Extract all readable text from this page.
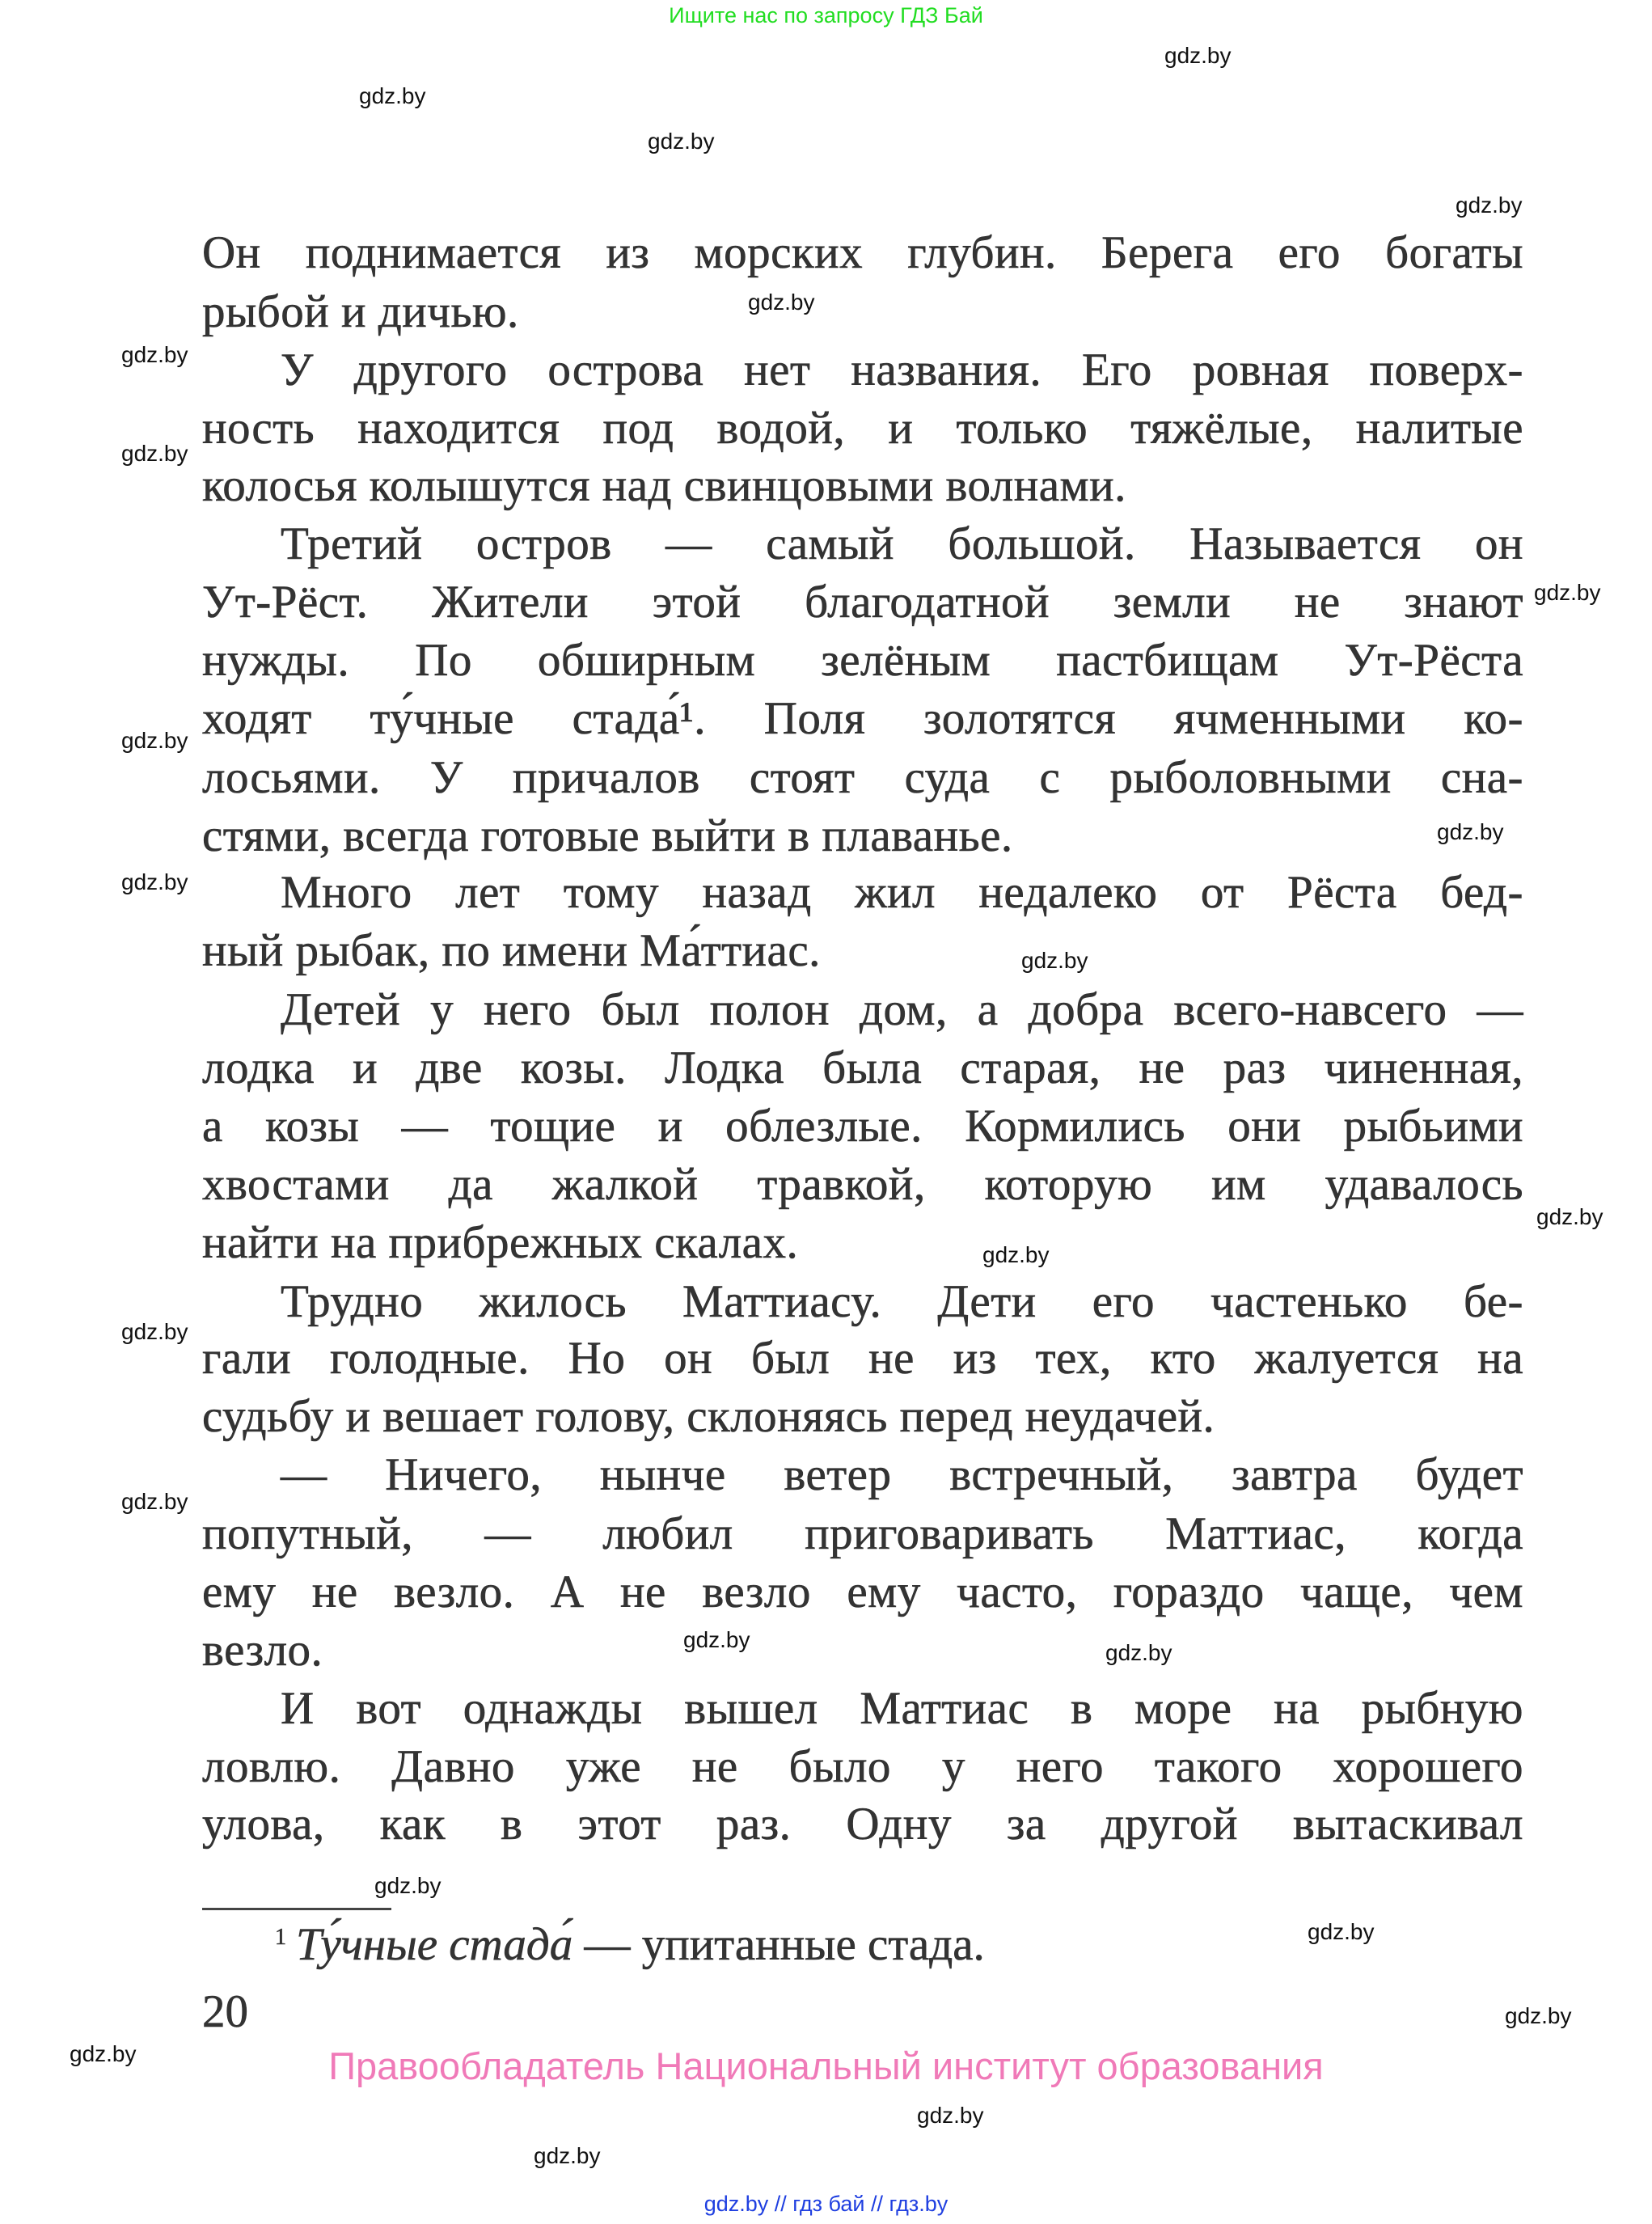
Ищите нас по запросу ГДЗ Бай
Он поднимается из морских глубин. Берега его богаты
рыбой и дичью.
У другого острова нет названия. Его ровная поверх-
ность находится под водой, и только тяжёлые, налитые
колосья колышутся над свинцовыми волнами.
Третий остров — самый большой. Называется он
Ут-Рёст. Жители этой благодатной земли не знают
нужды. По обширным зелёным пастбищам Ут-Рёста
ходят ту́чные стада́¹. Поля золотятся ячменными ко-
лосьями. У причалов стоят суда с рыболовными сна-
стями, всегда готовые выйти в плаванье.
Много лет тому назад жил недалеко от Рёста бед-
ный рыбак, по имени Ма́ттиас.
Детей у него был полон дом, а добра всего-навсего —
лодка и две козы. Лодка была старая, не раз чиненная,
а козы — тощие и облезлые. Кормились они рыбьими
хвостами да жалкой травкой, которую им удавалось
найти на прибрежных скалах.
Трудно жилось Маттиасу. Дети его частенько бе-
гали голодные. Но он был не из тех, кто жалуется на
судьбу и вешает голову, склоняясь перед неудачей.
— Ничего, нынче ветер встречный, завтра будет
попутный, — любил приговаривать Маттиас, когда
ему не везло. А не везло ему часто, гораздо чаще, чем
везло.
И вот однажды вышел Маттиас в море на рыбную
ловлю. Давно уже не было у него такого хорошего
улова, как в этот раз. Одну за другой вытаскивал
gdz.by
gdz.by
gdz.by
gdz.by
gdz.by
gdz.by
gdz.by
gdz.by
gdz.by
gdz.by
gdz.by
gdz.by
gdz.by
gdz.by
gdz.by
gdz.by
gdz.by
gdz.by
gdz.by
gdz.by
gdz.by
gdz.by
gdz.by
gdz.by
$^1$ Ту́чные стада́ — упитанные стада.
20
Правообладатель Национальный институт образования
gdz.by // гдз бай // гдз.by
